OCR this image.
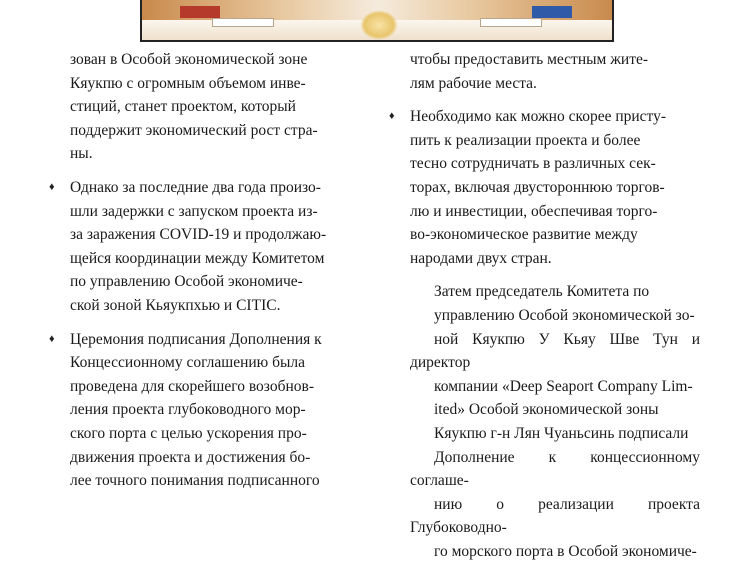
зован в Особой экономической зоне
Кяукпю с огромным объемом инве-
стиций, станет проектом, который
поддержит экономический рост стра-
ны.
♦ Однако за последние два года произо-
шли задержки с запуском проекта из-
за заражения COVID-19 и продолжаю-
щейся координации между Комитетом
по управлению Особой экономиче-
ской зоной Кьяукпхью и CITIC.
♦ Церемония подписания Дополнения к
Концессионному соглашению была
проведена для скорейшего возобнов-
ления проекта глубоководного мор-
ского порта с целью ускорения про-
движения проекта и достижения бо-
лее точного понимания подписанного
чтобы предоставить местным жите-
лям рабочие места.
♦ Необходимо как можно скорее присту-
пить к реализации проекта и более
тесно сотрудничать в различных сек-
торах, включая двустороннюю торгов-
лю и инвестиции, обеспечивая торго-
во-экономическое развитие между
народами двух стран.
Затем председатель Комитета по
управлению Особой экономической зо-
ной Кяукпю У Кьяу Шве Тун и директор
компании «Deep Seaport Company Lim-
ited» Особой экономической зоны
Кяукпю г-н Лян Чуаньсинь подписали
Дополнение к концессионному соглаше-
нию о реализации проекта Глубоководно-
го морского порта в Особой экономиче-
